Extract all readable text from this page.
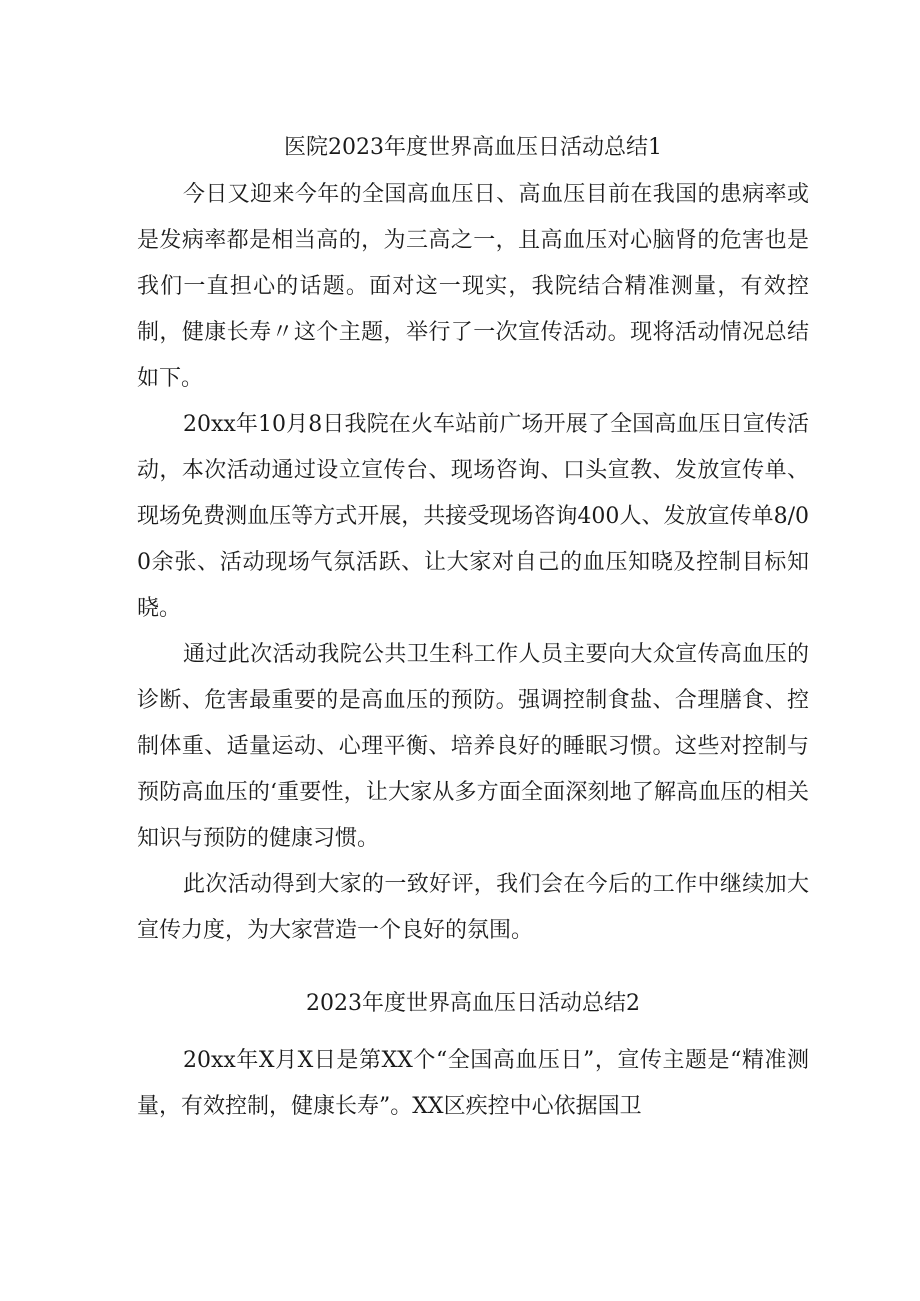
医院2023年度世界高血压日活动总结1

今日又迎来今年的全国高血压日、高血压目前在我国的患病率或是发病率都是相当高的，为三高之一，且高血压对心脑肾的危害也是我们一直担心的话题。面对这一现实，我院结合精准测量，有效控制，健康长寿〃这个主题，举行了一次宣传活动。现将活动情况总结如下。

20xx年10月8日我院在火车站前广场开展了全国高血压日宣传活动，本次活动通过设立宣传台、现场咨询、口头宣教、发放宣传单、现场免费测血压等方式开展，共接受现场咨询400人、发放宣传单8/00余张、活动现场气氛活跃、让大家对自己的血压知晓及控制目标知晓。

通过此次活动我院公共卫生科工作人员主要向大众宣传高血压的诊断、危害最重要的是高血压的预防。强调控制食盐、合理膳食、控制体重、适量运动、心理平衡、培养良好的睡眠习惯。这些对控制与预防高血压的‘重要性，让大家从多方面全面深刻地了解高血压的相关知识与预防的健康习惯。

此次活动得到大家的一致好评，我们会在今后的工作中继续加大宣传力度，为大家营造一个良好的氛围。

2023年度世界高血压日活动总结2

20xx年X月X日是第XX个“全国高血压日”，宣传主题是“精准测量，有效控制，健康长寿”。XX区疾控中心依据国卫
